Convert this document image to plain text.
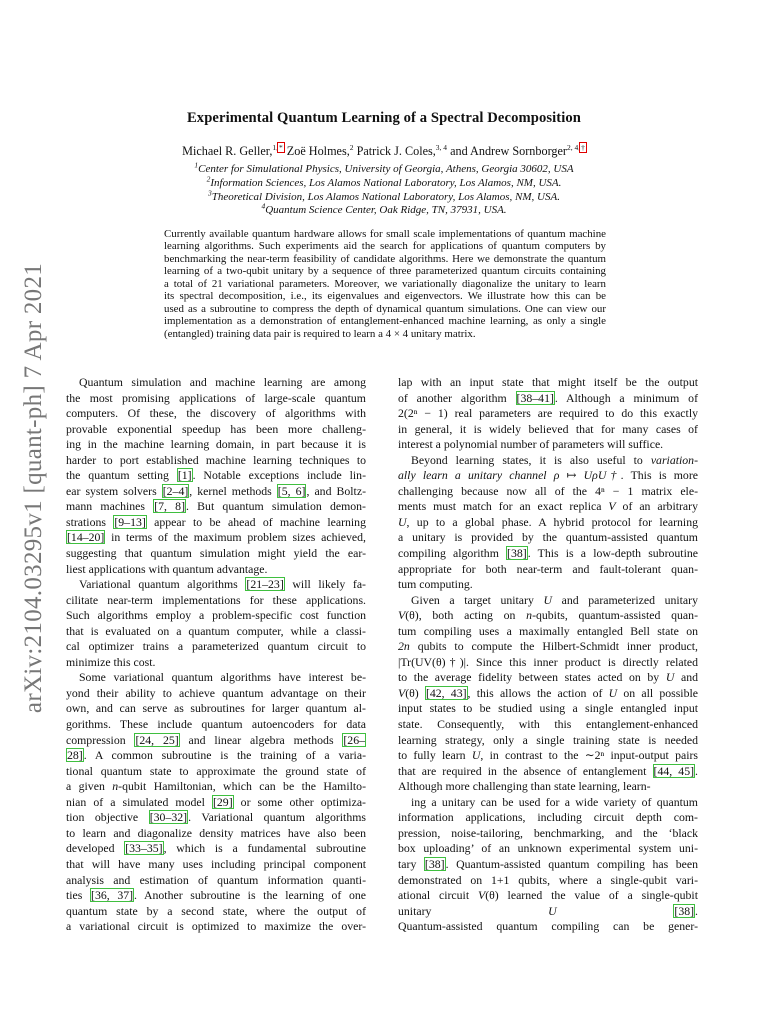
arXiv:2104.03295v1 [quant-ph] 7 Apr 2021
Experimental Quantum Learning of a Spectral Decomposition
Michael R. Geller,$^{1,*}$ Zoë Holmes,$^2$ Patrick J. Coles,$^{3, 4}$ and Andrew Sornborger$^{2, 4,\dagger}$
$^1$Center for Simulational Physics, University of Georgia, Athens, Georgia 30602, USA
$^2$Information Sciences, Los Alamos National Laboratory, Los Alamos, NM, USA.
$^3$Theoretical Division, Los Alamos National Laboratory, Los Alamos, NM, USA.
$^4$Quantum Science Center, Oak Ridge, TN, 37931, USA.
Currently available quantum hardware allows for small scale implementations of quantum machine
learning algorithms. Such experiments aid the search for applications of quantum computers by
benchmarking the near-term feasibility of candidate algorithms. Here we demonstrate the quantum
learning of a two-qubit unitary by a sequence of three parameterized quantum circuits containing
a total of 21 variational parameters. Moreover, we variationally diagonalize the unitary to learn
its spectral decomposition, i.e., its eigenvalues and eigenvectors. We illustrate how this can be
used as a subroutine to compress the depth of dynamical quantum simulations. One can view our
implementation as a demonstration of entanglement-enhanced machine learning, as only a single
(entangled) training data pair is required to learn a 4 × 4 unitary matrix.
Quantum simulation and machine learning are among
the most promising applications of large-scale quantum
computers. Of these, the discovery of algorithms with
provable exponential speedup has been more challeng-
ing in the machine learning domain, in part because it is
harder to port established machine learning techniques to
the quantum setting [1]. Notable exceptions include lin-
ear system solvers [2–4], kernel methods [5, 6], and Boltz-
mann machines [7, 8]. But quantum simulation demon-
strations [9–13] appear to be ahead of machine learning
[14–20] in terms of the maximum problem sizes achieved,
suggesting that quantum simulation might yield the ear-
liest applications with quantum advantage.
Variational quantum algorithms [21–23] will likely fa-
cilitate near-term implementations for these applications.
Such algorithms employ a problem-specific cost function
that is evaluated on a quantum computer, while a classi-
cal optimizer trains a parameterized quantum circuit to
minimize this cost.
Some variational quantum algorithms have interest be-
yond their ability to achieve quantum advantage on their
own, and can serve as subroutines for larger quantum al-
gorithms. These include quantum autoencoders for data
compression [24, 25] and linear algebra methods [26–
28]. A common subroutine is the training of a varia-
tional quantum state to approximate the ground state of
a given n-qubit Hamiltonian, which can be the Hamilto-
nian of a simulated model [29] or some other optimiza-
tion objective [30–32]. Variational quantum algorithms
to learn and diagonalize density matrices have also been
developed [33–35], which is a fundamental subroutine
that will have many uses including principal component
analysis and estimation of quantum information quanti-
ties [36, 37]. Another subroutine is the learning of one
quantum state by a second state, where the output of
a variational circuit is optimized to maximize the over-
lap with an input state that might itself be the output
of another algorithm [38–41]. Although a minimum of
2(2ⁿ − 1) real parameters are required to do this exactly
in general, it is widely believed that for many cases of
interest a polynomial number of parameters will suffice.
Beyond learning states, it is also useful to variation-
ally learn a unitary channel ρ ↦ UρU†. This is more
challenging because now all of the 4ⁿ − 1 matrix ele-
ments must match for an exact replica V of an arbitrary
U, up to a global phase. A hybrid protocol for learning
a unitary is provided by the quantum-assisted quantum
compiling algorithm [38]. This is a low-depth subroutine
appropriate for both near-term and fault-tolerant quan-
tum computing.
Given a target unitary U and parameterized unitary
V(θ), both acting on n-qubits, quantum-assisted quan-
tum compiling uses a maximally entangled Bell state on
2n qubits to compute the Hilbert-Schmidt inner product,
|Tr(UV(θ)†)|. Since this inner product is directly related
to the average fidelity between states acted on by U and
V(θ) [42, 43], this allows the action of U on all possible
input states to be studied using a single entangled input
state. Consequently, with this entanglement-enhanced
learning strategy, only a single training state is needed
to fully learn U, in contrast to the ∼2ⁿ input-output pairs
that are required in the absence of entanglement [44, 45].
Although more challenging than state learning, learn-
ing a unitary can be used for a wide variety of quantum
information applications, including circuit depth com-
pression, noise-tailoring, benchmarking, and the ‘black
box uploading’ of an unknown experimental system uni-
tary [38]. Quantum-assisted quantum compiling has been
demonstrated on 1+1 qubits, where a single-qubit vari-
ational circuit V(θ) learned the value of a single-qubit
unitary U	[38].
Quantum-assisted quantum compiling can be gener-
